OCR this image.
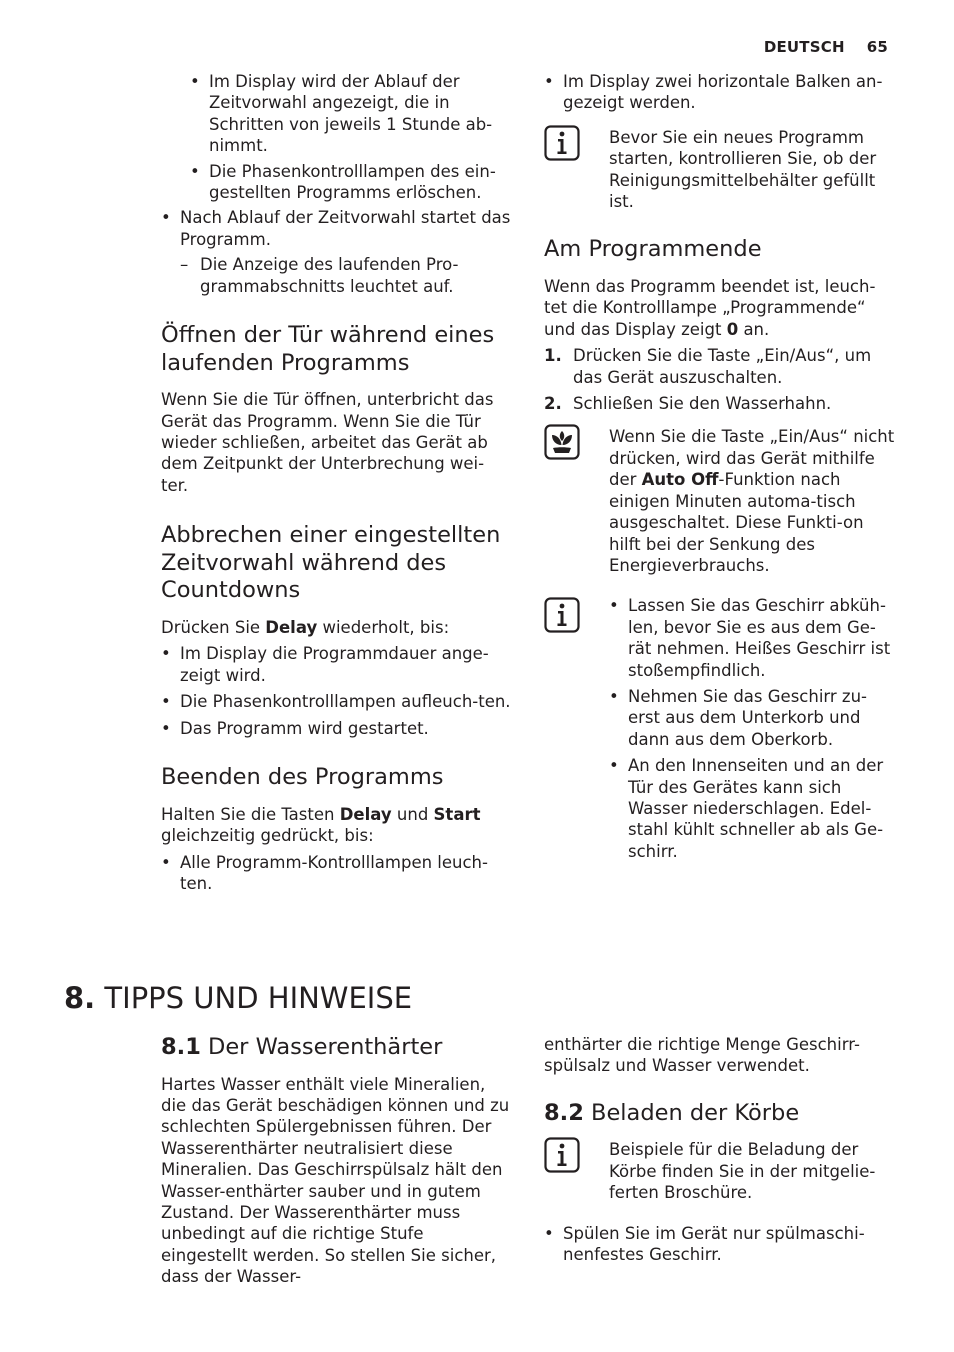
DEUTSCH 65
• Im Display wird der Ablauf der Zeitvorwahl angezeigt, die in Schritten von jeweils 1 Stunde ab-nimmt.
• Die Phasenkontrolllampen des ein-gestellten Programms erlöschen.
• Nach Ablauf der Zeitvorwahl startet das Programm.
– Die Anzeige des laufenden Pro-grammabschnitts leuchtet auf.
Öffnen der Tür während eines
laufenden Programms

Wenn Sie die Tür öffnen, unterbricht das Gerät das Programm. Wenn Sie die Tür wieder schließen, arbeitet das Gerät ab dem Zeitpunkt der Unterbrechung wei-ter.

Abbrechen einer eingestellten
Zeitvorwahl während des
Countdowns

Drücken Sie Delay wiederholt, bis:

• Im Display die Programmdauer ange-zeigt wird.
• Die Phasenkontrolllampen aufleuch-ten.
• Das Programm wird gestartet.
Beenden des Programms

Halten Sie die Tasten Delay und Start gleichzeitig gedrückt, bis:

• Alle Programm-Kontrolllampen leuch-ten.
• Im Display zwei horizontale Balken an-gezeigt werden.

Bevor Sie ein neues Programm starten, kontrollieren Sie, ob der Reinigungsmittelbehälter gefüllt ist.

Am Programmende

Wenn das Programm beendet ist, leuch-tet die Kontrolllampe „Programmende“ und das Display zeigt 0 an.

1. Drücken Sie die Taste „Ein/Aus“, um das Gerät auszuschalten.
2. Schließen Sie den Wasserhahn.

Wenn Sie die Taste „Ein/Aus“ nicht drücken, wird das Gerät mithilfe der Auto Off-Funktion nach einigen Minuten automa-tisch ausgeschaltet. Diese Funkti-on hilft bei der Senkung des Energieverbrauchs.

• Lassen Sie das Geschirr abküh-len, bevor Sie es aus dem Ge-rät nehmen. Heißes Geschirr ist stoßempfindlich.
• Nehmen Sie das Geschirr zu-erst aus dem Unterkorb und dann aus dem Oberkorb.
• An den Innenseiten und an der Tür des Gerätes kann sich Wasser niederschlagen. Edel-stahl kühlt schneller ab als Ge-schirr.
8. TIPPS UND HINWEISE
8.1 Der Wasserenthärter

Hartes Wasser enthält viele Mineralien, die das Gerät beschädigen können und zu schlechten Spülergebnissen führen. Der Wasserenthärter neutralisiert diese Mineralien. Das Geschirrspülsalz hält den Wasser-enthärter sauber und in gutem Zustand. Der Wasserenthärter muss unbedingt auf die richtige Stufe eingestellt werden. So stellen Sie sicher, dass der Wasser-

enthärter die richtige Menge Geschirr-spülsalz und Wasser verwendet.

8.2 Beladen der Körbe

Beispiele für die Beladung der Körbe finden Sie in der mitgelie-ferten Broschüre.

• Spülen Sie im Gerät nur spülmaschi-nenfestes Geschirr.
